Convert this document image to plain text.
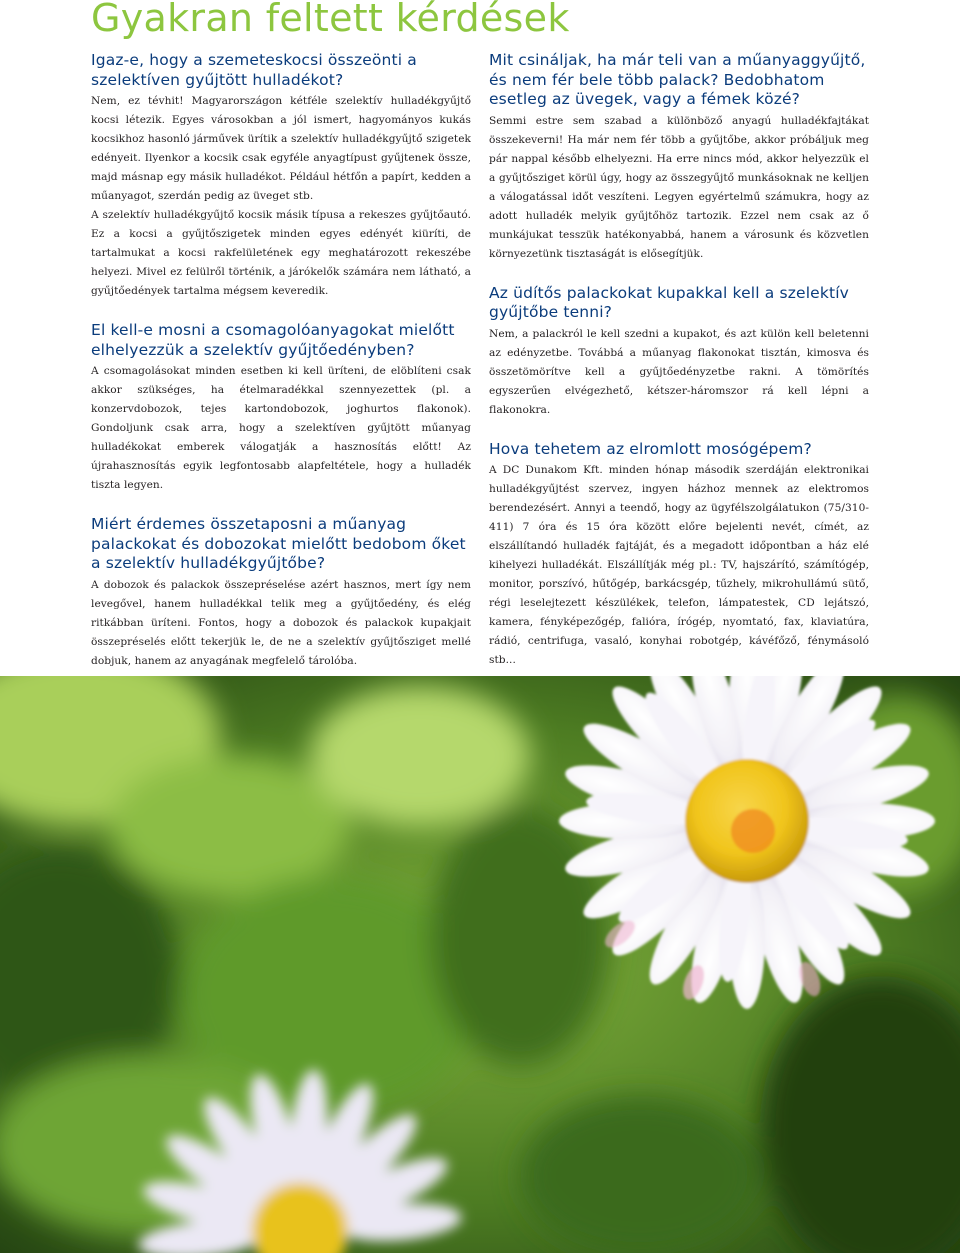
Gyakran feltett kérdések
Igaz-e, hogy a szemeteskocsi összeönti a szelektíven gyűjtött hulladékot?

Nem, ez tévhit! Magyarországon kétféle szelektív hulladékgyűjtő kocsi létezik. Egyes városokban a jól ismert, hagyományos kukás kocsikhoz hasonló járművek ürítik a szelektív hulladékgyűjtő szigetek edényeit. Ilyenkor a kocsik csak egyféle anyagtípust gyűjtenek össze, majd másnap egy másik hulladékot. Például hétfőn a papírt, kedden a műanyagot, szerdán pedig az üveget stb.

A szelektív hulladékgyűjtő kocsik másik típusa a rekeszes gyűjtőautó. Ez a kocsi a gyűjtőszigetek minden egyes edényét kiüríti, de tartalmukat a kocsi rakfelületének egy meghatározott rekeszébe helyezi. Mivel ez felülről történik, a járókelők számára nem látható, a gyűjtőedények tartalma mégsem keveredik.

El kell-e mosni a csomagolóanyagokat mielőtt elhelyezzük a szelektív gyűjtőedényben?

A csomagolásokat minden esetben ki kell üríteni, de elöblíteni csak akkor szükséges, ha ételmaradékkal szennyezettek (pl. a konzervdobozok, tejes kartondobozok, joghurtos flakonok). Gondoljunk csak arra, hogy a szelektíven gyűjtött műanyag hulladékokat emberek válogatják a hasznosítás előtt! Az újrahasznosítás egyik legfontosabb alapfeltétele, hogy a hulladék tiszta legyen.

Miért érdemes összetaposni a műanyag palackokat és dobozokat mielőtt bedobom őket a szelektív hulladékgyűjtőbe?

A dobozok és palackok összepréselése azért hasznos, mert így nem levegővel, hanem hulladékkal telik meg a gyűjtőedény, és elég ritkábban üríteni. Fontos, hogy a dobozok és palackok kupakjait összepréselés előtt tekerjük le, de ne a szelektív gyűjtősziget mellé dobjuk, hanem az anyagának megfelelő tárolóba.

Mit csináljak, ha már teli van a műanyaggyűjtő, és nem fér bele több palack? Bedobhatom esetleg az üvegek, vagy a fémek közé?

Semmi estre sem szabad a különböző anyagú hulladékfajtákat összekeverni! Ha már nem fér több a gyűjtőbe, akkor próbáljuk meg pár nappal később elhelyezni. Ha erre nincs mód, akkor helyezzük el a gyűjtősziget körül úgy, hogy az összegyűjtő munkásoknak ne kelljen a válogatással időt veszíteni. Legyen egyértelmű számukra, hogy az adott hulladék melyik gyűjtőhöz tartozik. Ezzel nem csak az ő munkájukat tesszük hatékonyabbá, hanem a városunk és közvetlen környezetünk tisztaságát is elősegítjük.

Az üdítős palackokat kupakkal kell a szelektív gyűjtőbe tenni?

Nem, a palackról le kell szedni a kupakot, és azt külön kell beletenni az edényzetbe. Továbbá a műanyag flakonokat tisztán, kimosva és összetömörítve kell a gyűjtőedényzetbe rakni. A tömörítés egyszerűen elvégezhető, kétszer-háromszor rá kell lépni a flakonokra.

Hova tehetem az elromlott mosógépem?

A DC Dunakom Kft. minden hónap második szerdáján elektronikai hulladékgyűjtést szervez, ingyen házhoz mennek az elektromos berendezésért. Annyi a teendő, hogy az ügyfélszolgálatukon (75/310-411) 7 óra és 15 óra között előre bejelenti nevét, címét, az elszállítandó hulladék fajtáját, és a megadott időpontban a ház elé kihelyezi hulladékát. Elszállítják még pl.: TV, hajszárító, számítógép, monitor, porszívó, hűtőgép, barkácsgép, tűzhely, mikrohullámú sütő, régi leselejtezett készülékek, telefon, lámpatestek, CD lejátszó, kamera, fényképezőgép, falióra, írógép, nyomtató, fax, klaviatúra, rádió, centrifuga, vasaló, konyhai robotgép, kávéfőző, fénymásoló stb...
